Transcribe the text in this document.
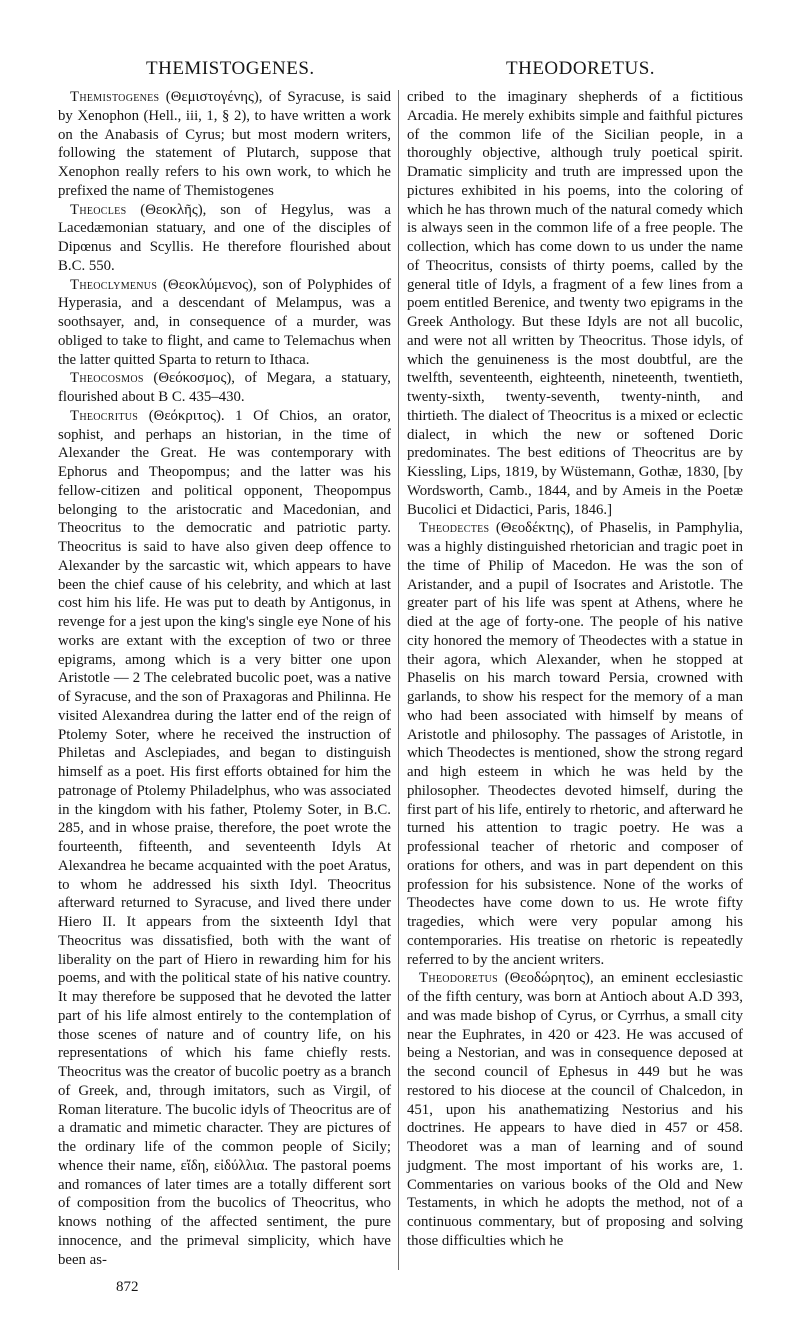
THEMISTOGENES.	THEODORETUS.

Themistogenes (Θεμιστογένης), of Syracuse, is said by Xenophon (Hell., iii, 1, § 2), to have written a work on the Anabasis of Cyrus; but most modern writers, following the statement of Plutarch, suppose that Xenophon really refers to his own work, to which he prefixed the name of Themistogenes

Theocles (Θεοκλῆς), son of Hegylus, was a Lacedæmonian statuary, and one of the disciples of Dipœnus and Scyllis. He therefore flourished about B.C. 550.

Theoclymenus (Θεοκλύμενος), son of Polyphides of Hyperasia, and a descendant of Melampus, was a soothsayer, and, in consequence of a murder, was obliged to take to flight, and came to Telemachus when the latter quitted Sparta to return to Ithaca.

Theocosmos (Θεόκοσμος), of Megara, a statuary, flourished about B C. 435–430.

Theocritus (Θεόκριτος). 1 Of Chios, an orator, sophist, and perhaps an historian, in the time of Alexander the Great. He was contemporary with Ephorus and Theopompus; and the latter was his fellow-citizen and political opponent, Theopompus belonging to the aristocratic and Macedonian, and Theocritus to the democratic and patriotic party. Theocritus is said to have also given deep offence to Alexander by the sarcastic wit, which appears to have been the chief cause of his celebrity, and which at last cost him his life. He was put to death by Antigonus, in revenge for a jest upon the king's single eye None of his works are extant with the exception of two or three epigrams, among which is a very bitter one upon Aristotle — 2 The celebrated bucolic poet, was a native of Syracuse, and the son of Praxagoras and Philinna. He visited Alexandrea during the latter end of the reign of Ptolemy Soter, where he received the instruction of Philetas and Asclepiades, and began to distinguish himself as a poet. His first efforts obtained for him the patronage of Ptolemy Philadelphus, who was associated in the kingdom with his father, Ptolemy Soter, in B.C. 285, and in whose praise, therefore, the poet wrote the fourteenth, fifteenth, and seventeenth Idyls At Alexandrea he became acquainted with the poet Aratus, to whom he addressed his sixth Idyl. Theocritus afterward returned to Syracuse, and lived there under Hiero II. It appears from the sixteenth Idyl that Theocritus was dissatisfied, both with the want of liberality on the part of Hiero in rewarding him for his poems, and with the political state of his native country. It may therefore be supposed that he devoted the latter part of his life almost entirely to the contemplation of those scenes of nature and of country life, on his representations of which his fame chiefly rests. Theocritus was the creator of bucolic poetry as a branch of Greek, and, through imitators, such as Virgil, of Roman literature. The bucolic idyls of Theocritus are of a dramatic and mimetic character. They are pictures of the ordinary life of the common people of Sicily; whence their name, εἴδη, εἰδύλλια. The pastoral poems and romances of later times are a totally different sort of composition from the bucolics of Theocritus, who knows nothing of the affected sentiment, the pure innocence, and the primeval simplicity, which have been as-

cribed to the imaginary shepherds of a fictitious Arcadia. He merely exhibits simple and faithful pictures of the common life of the Sicilian people, in a thoroughly objective, although truly poetical spirit. Dramatic simplicity and truth are impressed upon the pictures exhibited in his poems, into the coloring of which he has thrown much of the natural comedy which is always seen in the common life of a free people. The collection, which has come down to us under the name of Theocritus, consists of thirty poems, called by the general title of Idyls, a fragment of a few lines from a poem entitled Berenice, and twenty two epigrams in the Greek Anthology. But these Idyls are not all bucolic, and were not all written by Theocritus. Those idyls, of which the genuineness is the most doubtful, are the twelfth, seventeenth, eighteenth, nineteenth, twentieth, twenty-sixth, twenty-seventh, twenty-ninth, and thirtieth. The dialect of Theocritus is a mixed or eclectic dialect, in which the new or softened Doric predominates. The best editions of Theocritus are by Kiessling, Lips, 1819, by Wüstemann, Gothæ, 1830, [by Wordsworth, Camb., 1844, and by Ameis in the Poetæ Bucolici et Didactici, Paris, 1846.]

Theodectes (Θεοδέκτης), of Phaselis, in Pamphylia, was a highly distinguished rhetorician and tragic poet in the time of Philip of Macedon. He was the son of Aristander, and a pupil of Isocrates and Aristotle. The greater part of his life was spent at Athens, where he died at the age of forty-one. The people of his native city honored the memory of Theodectes with a statue in their agora, which Alexander, when he stopped at Phaselis on his march toward Persia, crowned with garlands, to show his respect for the memory of a man who had been associated with himself by means of Aristotle and philosophy. The passages of Aristotle, in which Theodectes is mentioned, show the strong regard and high esteem in which he was held by the philosopher. Theodectes devoted himself, during the first part of his life, entirely to rhetoric, and afterward he turned his attention to tragic poetry. He was a professional teacher of rhetoric and composer of orations for others, and was in part dependent on this profession for his subsistence. None of the works of Theodectes have come down to us. He wrote fifty tragedies, which were very popular among his contemporaries. His treatise on rhetoric is repeatedly referred to by the ancient writers.

Theodoretus (Θεοδώρητος), an eminent ecclesiastic of the fifth century, was born at Antioch about A.D 393, and was made bishop of Cyrus, or Cyrrhus, a small city near the Euphrates, in 420 or 423. He was accused of being a Nestorian, and was in consequence deposed at the second council of Ephesus in 449 but he was restored to his diocese at the council of Chalcedon, in 451, upon his anathematizing Nestorius and his doctrines. He appears to have died in 457 or 458. Theodoret was a man of learning and of sound judgment. The most important of his works are, 1. Commentaries on various books of the Old and New Testaments, in which he adopts the method, not of a continuous commentary, but of proposing and solving those difficulties which he

872
